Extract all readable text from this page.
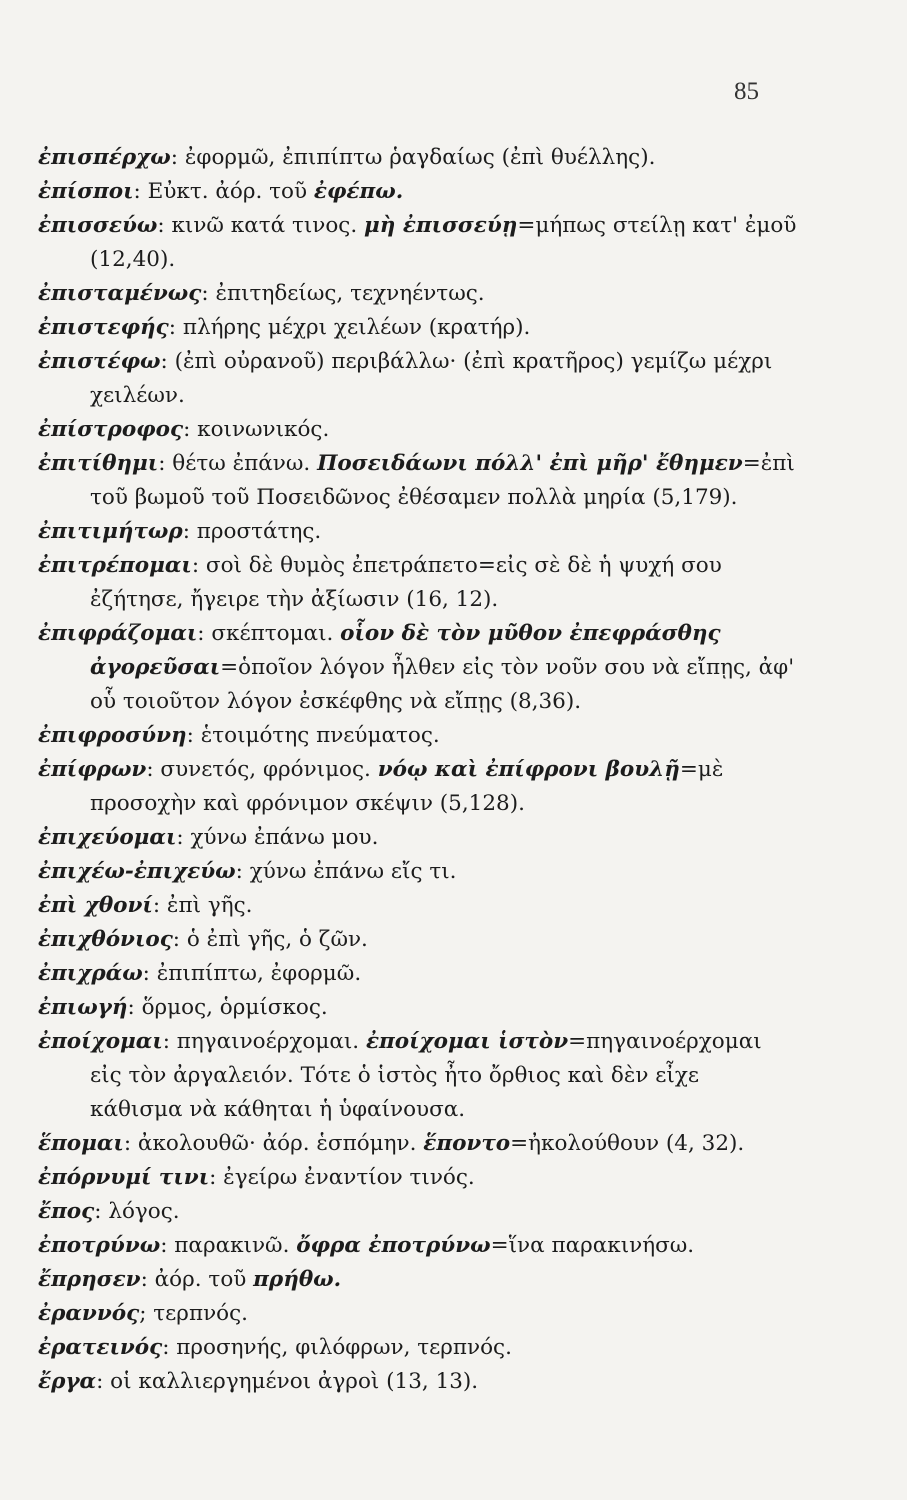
85
ἐπισπέρχω: ἐφορμῶ, ἐπιπίπτω ῥαγδαίως (ἐπὶ θυέλλης).
ἐπίσποι: Εὐκτ. ἀόρ. τοῦ ἐφέπω.
ἐπισσεύω: κινῶ κατά τινος. μὴ ἐπισσεύῃ=μήπως στείλῃ κατ' ἐμοῦ (12,40).
ἐπισταμένως: ἐπιτηδείως, τεχνηέντως.
ἐπιστεφής: πλήρης μέχρι χειλέων (κρατήρ).
ἐπιστέφω: (ἐπὶ οὐρανοῦ) περιβάλλω· (ἐπὶ κρατῆρος) γεμίζω μέχρι χειλέων.
ἐπίστροφος: κοινωνικός.
ἐπιτίθημι: θέτω ἐπάνω. Ποσειδάωνι πόλλ' ἐπὶ μῆρ' ἔθημεν=ἐπὶ τοῦ βωμοῦ τοῦ Ποσειδῶνος ἐθέσαμεν πολλὰ μηρία (5,179).
ἐπιτιμήτωρ: προστάτης.
ἐπιτρέπομαι: σοὶ δὲ θυμὸς ἐπετράπετο=εἰς σὲ δὲ ἡ ψυχή σου ἐζήτησε, ἤγειρε τὴν ἀξίωσιν (16, 12).
ἐπιφράζομαι: σκέπτομαι. οἷον δὲ τὸν μῦθον ἐπεφράσθης ἀγορεῦσαι=ὁποῖον λόγον ἦλθεν εἰς τὸν νοῦν σου νὰ εἴπῃς, ἀφ' οὗ τοιοῦτον λόγον ἐσκέφθης νὰ εἴπῃς (8,36).
ἐπιφροσύνη: ἑτοιμότης πνεύματος.
ἐπίφρων: συνετός, φρόνιμος. νόῳ καὶ ἐπίφρονι βουλῇ=μὲ προσοχὴν καὶ φρόνιμον σκέψιν (5,128).
ἐπιχεύομαι: χύνω ἐπάνω μου.
ἐπιχέω-ἐπιχεύω: χύνω ἐπάνω εἴς τι.
ἐπὶ χθονί: ἐπὶ γῆς.
ἐπιχθόνιος: ὁ ἐπὶ γῆς, ὁ ζῶν.
ἐπιχράω: ἐπιπίπτω, ἐφορμῶ.
ἐπιωγή: ὅρμος, ὁρμίσκος.
ἐποίχομαι: πηγαινοέρχομαι. ἐποίχομαι ἱστὸν=πηγαινοέρχομαι εἰς τὸν ἀργαλειόν. Τότε ὁ ἱστὸς ἦτο ὄρθιος καὶ δὲν εἶχε κάθισμα νὰ κάθηται ἡ ὑφαίνουσα.
ἕπομαι: ἀκολουθῶ· ἀόρ. ἑσπόμην. ἕποντο=ἠκολούθουν (4, 32).
ἐπόρνυμί τινι: ἐγείρω ἐναντίον τινός.
ἔπος: λόγος.
ἐποτρύνω: παρακινῶ. ὄφρα ἐποτρύνω=ἵνα παρακινήσω.
ἔπρησεν: ἀόρ. τοῦ πρήθω.
ἐραννός; τερπνός.
ἐρατεινός: προσηνής, φιλόφρων, τερπνός.
ἔργα: οἱ καλλιεργημένοι ἀγροὶ (13, 13).
